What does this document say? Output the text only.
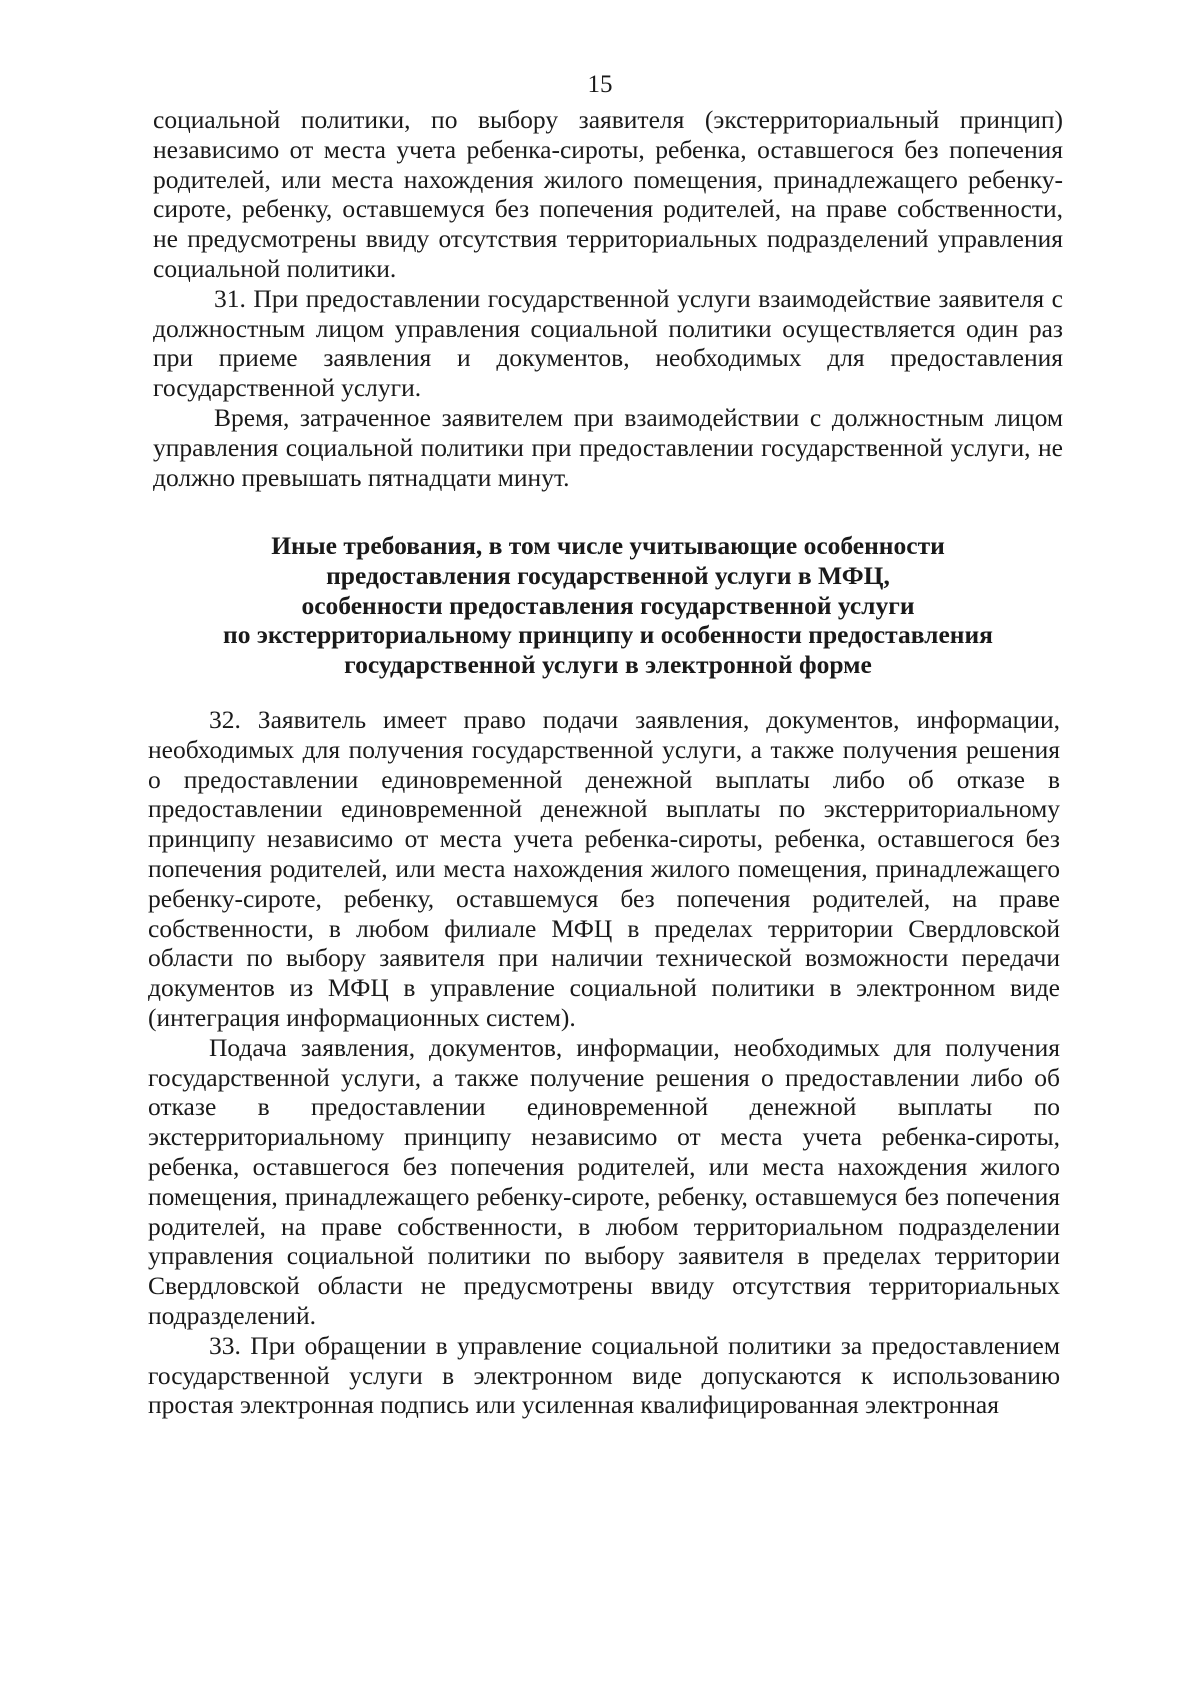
15

социальной политики, по выбору заявителя (экстерриториальный принцип) независимо от места учета ребенка-сироты, ребенка, оставшегося без попечения родителей, или места нахождения жилого помещения, принадлежащего ребенку-сироте, ребенку, оставшемуся без попечения родителей, на праве собственности, не предусмотрены ввиду отсутствия территориальных подразделений управления социальной политики.

31. При предоставлении государственной услуги взаимодействие заявителя с должностным лицом управления социальной политики осуществляется один раз при приеме заявления и документов, необходимых для предоставления государственной услуги.

Время, затраченное заявителем при взаимодействии с должностным лицом управления социальной политики при предоставлении государственной услуги, не должно превышать пятнадцати минут.

Иные требования, в том числе учитывающие особенности
предоставления государственной услуги в МФЦ,
особенности предоставления государственной услуги
по экстерриториальному принципу и особенности предоставления
государственной услуги в электронной форме

32. Заявитель имеет право подачи заявления, документов, информации, необходимых для получения государственной услуги, а также получения решения о предоставлении единовременной денежной выплаты либо об отказе в предоставлении единовременной денежной выплаты по экстерриториальному принципу независимо от места учета ребенка-сироты, ребенка, оставшегося без попечения родителей, или места нахождения жилого помещения, принадлежащего ребенку-сироте, ребенку, оставшемуся без попечения родителей, на праве собственности, в любом филиале МФЦ в пределах территории Свердловской области по выбору заявителя при наличии технической возможности передачи документов из МФЦ в управление социальной политики в электронном виде (интеграция информационных систем).

Подача заявления, документов, информации, необходимых для получения государственной услуги, а также получение решения о предоставлении либо об отказе в предоставлении единовременной денежной выплаты по экстерриториальному принципу независимо от места учета ребенка-сироты, ребенка, оставшегося без попечения родителей, или места нахождения жилого помещения, принадлежащего ребенку-сироте, ребенку, оставшемуся без попечения родителей, на праве собственности, в любом территориальном подразделении управления социальной политики по выбору заявителя в пределах территории Свердловской области не предусмотрены ввиду отсутствия территориальных подразделений.

33. При обращении в управление социальной политики за предоставлением государственной услуги в электронном виде допускаются к использованию простая электронная подпись или усиленная квалифицированная электронная
